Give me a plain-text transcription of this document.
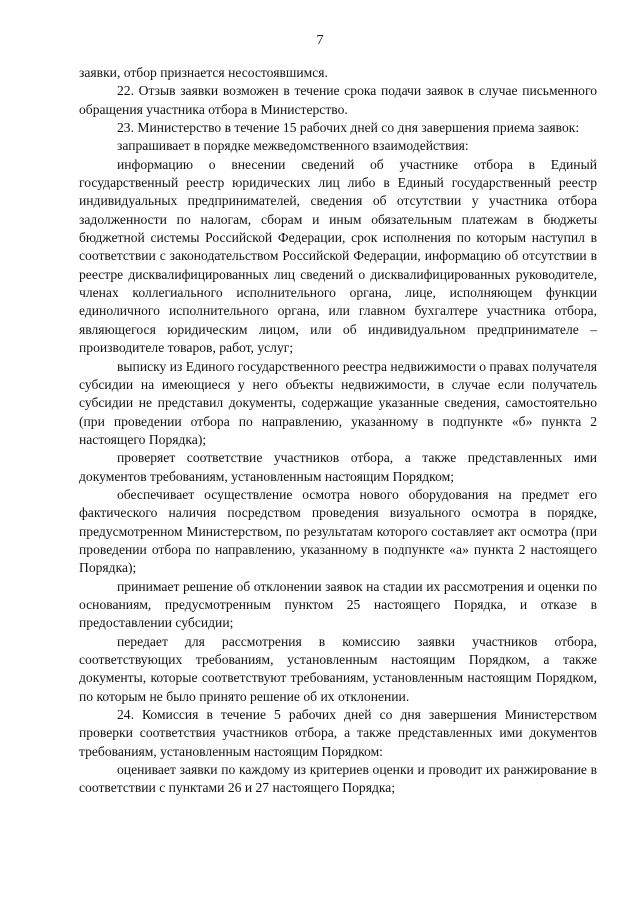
7

заявки, отбор признается несостоявшимся.

22. Отзыв заявки возможен в течение срока подачи заявок в случае письменного обращения участника отбора в Министерство.

23. Министерство в течение 15 рабочих дней со дня завершения приема заявок:

запрашивает в порядке межведомственного взаимодействия:

информацию о внесении сведений об участнике отбора в Единый государственный реестр юридических лиц либо в Единый государственный реестр индивидуальных предпринимателей, сведения об отсутствии у участника отбора задолженности по налогам, сборам и иным обязательным платежам в бюджеты бюджетной системы Российской Федерации, срок исполнения по которым наступил в соответствии с законодательством Российской Федерации, информацию об отсутствии в реестре дисквалифицированных лиц сведений о дисквалифицированных руководителе, членах коллегиального исполнительного органа, лице, исполняющем функции единоличного исполнительного органа, или главном бухгалтере участника отбора, являющегося юридическим лицом, или об индивидуальном предпринимателе – производителе товаров, работ, услуг;

выписку из Единого государственного реестра недвижимости о правах получателя субсидии на имеющиеся у него объекты недвижимости, в случае если получатель субсидии не представил документы, содержащие указанные сведения, самостоятельно (при проведении отбора по направлению, указанному в подпункте «б» пункта 2 настоящего Порядка);

проверяет соответствие участников отбора, а также представленных ими документов требованиям, установленным настоящим Порядком;

обеспечивает осуществление осмотра нового оборудования на предмет его фактического наличия посредством проведения визуального осмотра в порядке, предусмотренном Министерством, по результатам которого составляет акт осмотра (при проведении отбора по направлению, указанному в подпункте «а» пункта 2 настоящего Порядка);

принимает решение об отклонении заявок на стадии их рассмотрения и оценки по основаниям, предусмотренным пунктом 25 настоящего Порядка, и отказе в предоставлении субсидии;

передает для рассмотрения в комиссию заявки участников отбора, соответствующих требованиям, установленным настоящим Порядком, а также документы, которые соответствуют требованиям, установленным настоящим Порядком, по которым не было принято решение об их отклонении.

24. Комиссия в течение 5 рабочих дней со дня завершения Министерством проверки соответствия участников отбора, а также представленных ими документов требованиям, установленным настоящим Порядком:

оценивает заявки по каждому из критериев оценки и проводит их ранжирование в соответствии с пунктами 26 и 27 настоящего Порядка;
